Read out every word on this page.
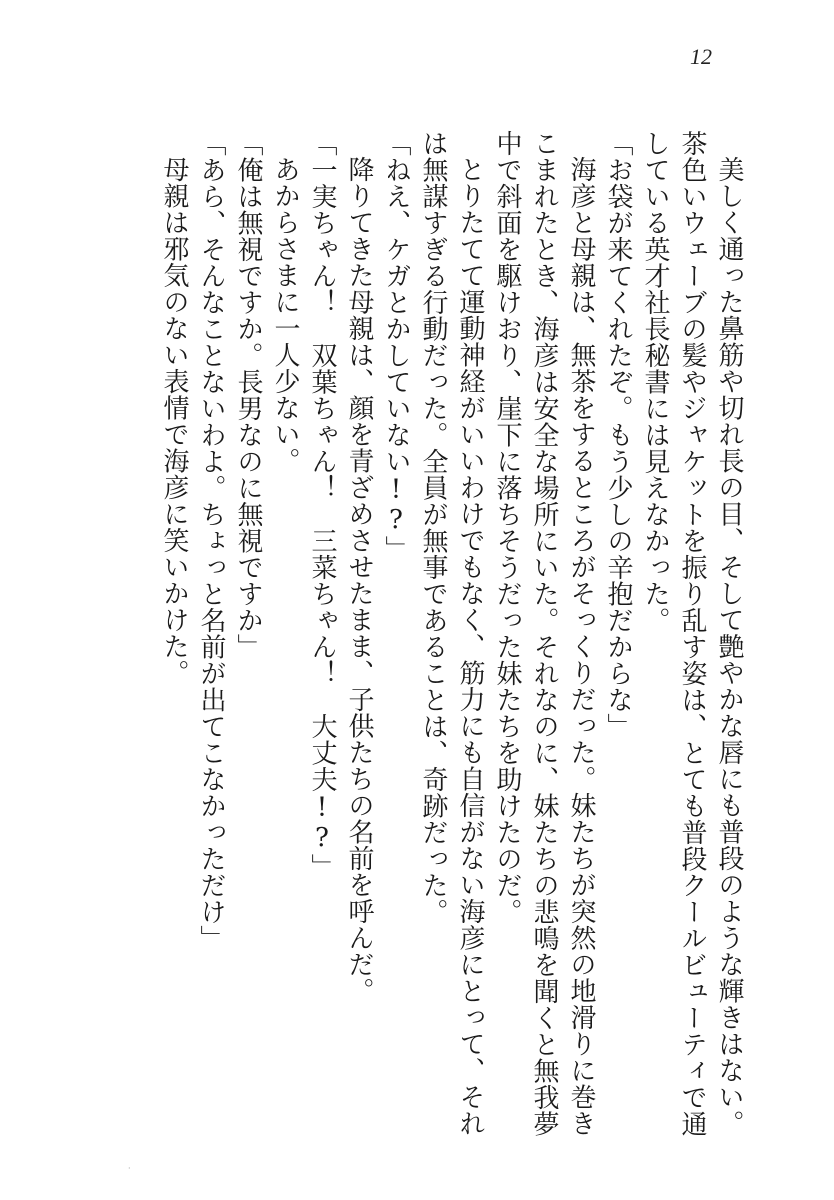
12
美しく通った鼻筋や切れ長の目、そして艶やかな唇にも普段のような輝きはない。
茶色いウェーブの髪やジャケットを振り乱す姿は、とても普段クールビューティで通
している英才社長秘書には見えなかった。
「お袋が来てくれたぞ。もう少しの辛抱だからな」
海彦と母親は、無茶をするところがそっくりだった。妹たちが突然の地滑りに巻き
こまれたとき、海彦は安全な場所にいた。それなのに、妹たちの悲鳴を聞くと無我夢
中で斜面を駆けおり、崖下に落ちそうだった妹たちを助けたのだ。
とりたてて運動神経がいいわけでもなく、筋力にも自信がない海彦にとって、それ
は無謀すぎる行動だった。全員が無事であることは、奇跡だった。
「ねえ、ケガとかしていない!?」
降りてきた母親は、顔を青ざめさせたまま、子供たちの名前を呼んだ。
「一実ちゃん！　双葉ちゃん！　三菜ちゃん！　大丈夫!?」
あからさまに一人少ない。
「俺は無視ですか。長男なのに無視ですか」
「あら、そんなことないわよ。ちょっと名前が出てこなかっただけ」
母親は邪気のない表情で海彦に笑いかけた。
·
